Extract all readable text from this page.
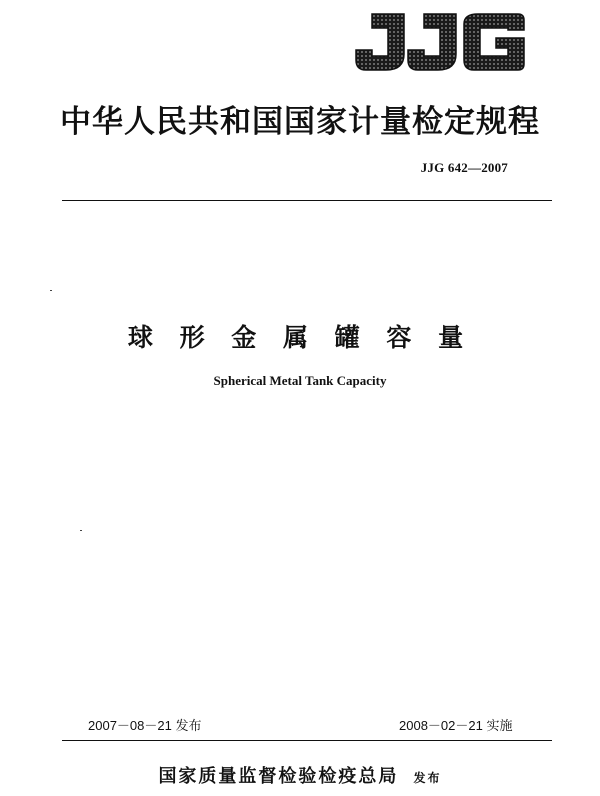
中华人民共和国国家计量检定规程
JJG 642—2007
球 形 金 属 罐 容 量
Spherical Metal Tank Capacity
2007－08－21 发布	2008－02－21 实施
国家质量监督检验检疫总局 发布
